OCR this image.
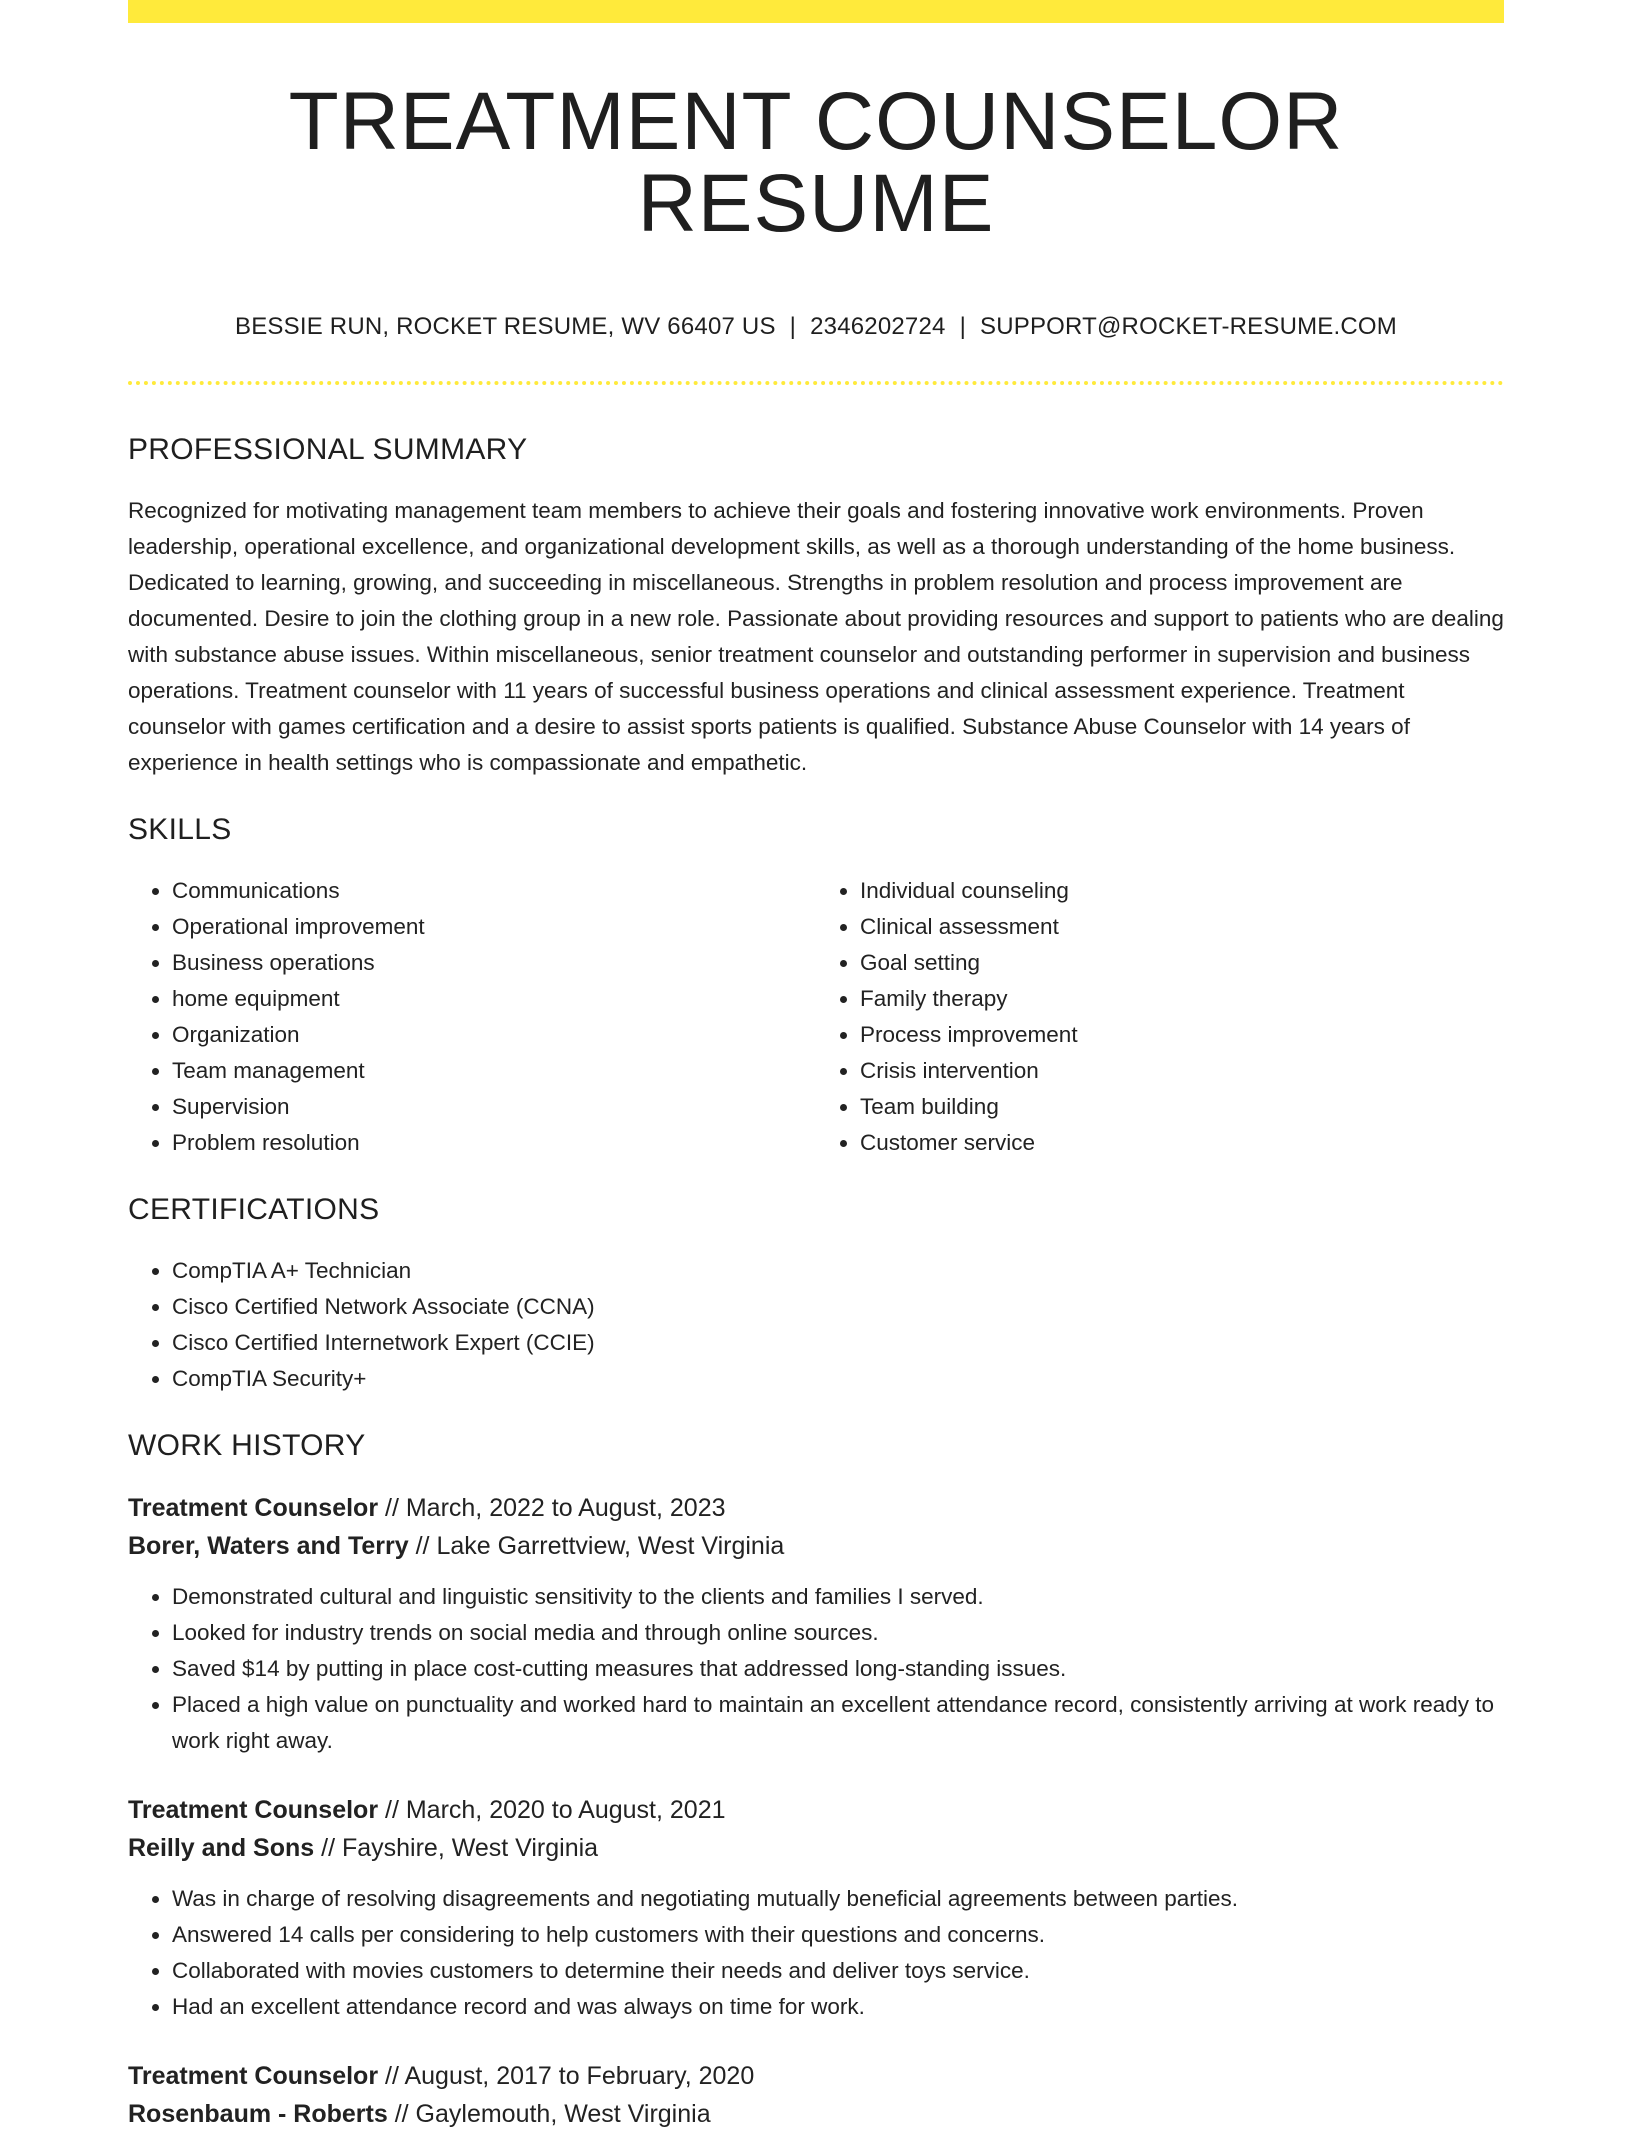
TREATMENT COUNSELOR RESUME
BESSIE RUN, ROCKET RESUME, WV 66407 US | 2346202724 | SUPPORT@ROCKET-RESUME.COM
PROFESSIONAL SUMMARY

Recognized for motivating management team members to achieve their goals and fostering innovative work environments. Proven leadership, operational excellence, and organizational development skills, as well as a thorough understanding of the home business. Dedicated to learning, growing, and succeeding in miscellaneous. Strengths in problem resolution and process improvement are documented. Desire to join the clothing group in a new role. Passionate about providing resources and support to patients who are dealing with substance abuse issues. Within miscellaneous, senior treatment counselor and outstanding performer in supervision and business operations. Treatment counselor with 11 years of successful business operations and clinical assessment experience. Treatment counselor with games certification and a desire to assist sports patients is qualified. Substance Abuse Counselor with 14 years of experience in health settings who is compassionate and empathetic.

SKILLS
• Communications
• Operational improvement
• Business operations
• home equipment
• Organization
• Team management
• Supervision
• Problem resolution
• Individual counseling
• Clinical assessment
• Goal setting
• Family therapy
• Process improvement
• Crisis intervention
• Team building
• Customer service
CERTIFICATIONS
• CompTIA A+ Technician
• Cisco Certified Network Associate (CCNA)
• Cisco Certified Internetwork Expert (CCIE)
• CompTIA Security+
WORK HISTORY
Treatment Counselor // March, 2022 to August, 2023
Borer, Waters and Terry // Lake Garrettview, West Virginia
• Demonstrated cultural and linguistic sensitivity to the clients and families I served.
• Looked for industry trends on social media and through online sources.
• Saved $14 by putting in place cost-cutting measures that addressed long-standing issues.
• Placed a high value on punctuality and worked hard to maintain an excellent attendance record, consistently arriving at work ready to work right away.
Treatment Counselor // March, 2020 to August, 2021
Reilly and Sons // Fayshire, West Virginia
• Was in charge of resolving disagreements and negotiating mutually beneficial agreements between parties.
• Answered 14 calls per considering to help customers with their questions and concerns.
• Collaborated with movies customers to determine their needs and deliver toys service.
• Had an excellent attendance record and was always on time for work.
Treatment Counselor // August, 2017 to February, 2020
Rosenbaum - Roberts // Gaylemouth, West Virginia
